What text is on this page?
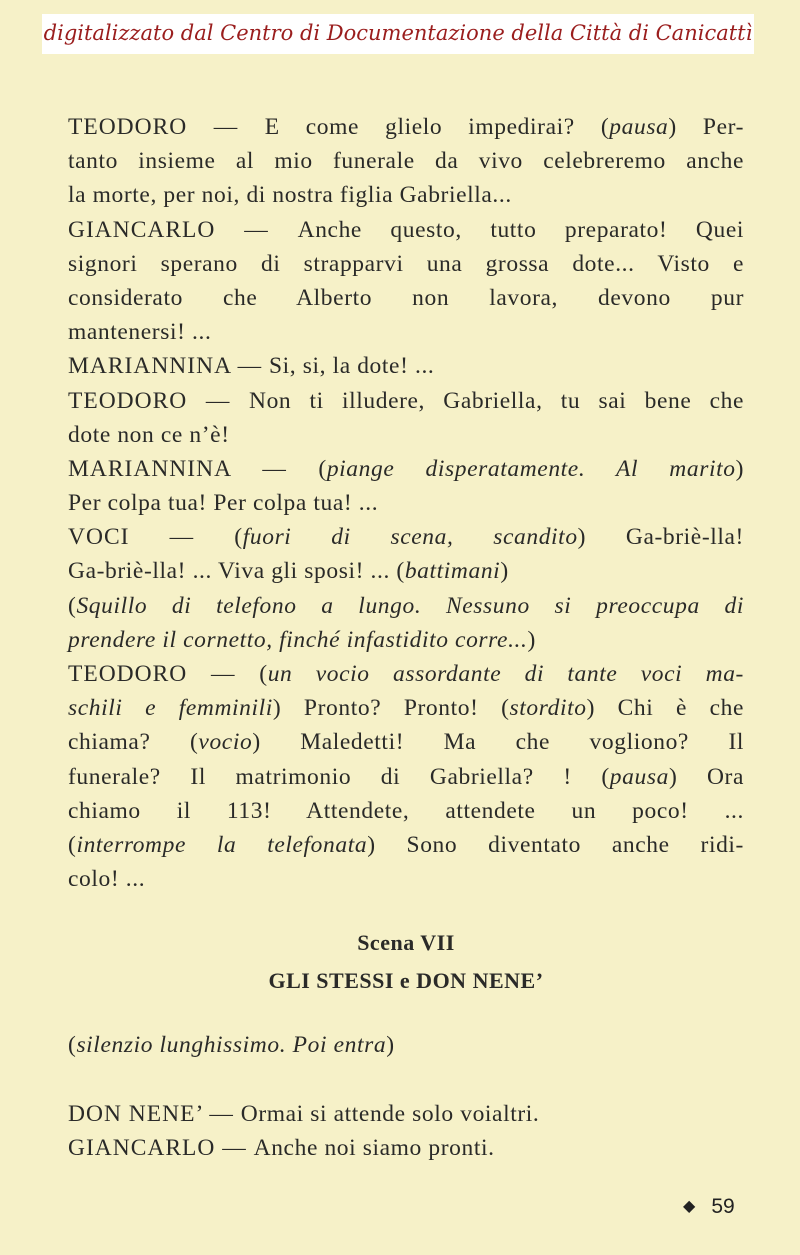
digitalizzato dal Centro di Documentazione della Città di Canicattì
TEODORO — E come glielo impedirai? (pausa) Per-
tanto insieme al mio funerale da vivo celebreremo anche
la morte, per noi, di nostra figlia Gabriella...
GIANCARLO — Anche questo, tutto preparato! Quei
signori sperano di strapparvi una grossa dote... Visto e
considerato che Alberto non lavora, devono pur
mantenersi! ...
MARIANNINA — Si, si, la dote! ...
TEODORO — Non ti illudere, Gabriella, tu sai bene che
dote non ce n’è!
MARIANNINA — (piange disperatamente. Al marito)
Per colpa tua! Per colpa tua! ...
VOCI — (fuori di scena, scandito) Ga-briè-lla!
Ga-briè-lla! ... Viva gli sposi! ... (battimani)
(Squillo di telefono a lungo. Nessuno si preoccupa di
prendere il cornetto, finché infastidito corre...)
TEODORO — (un vocio assordante di tante voci ma-
schili e femminili) Pronto? Pronto! (stordito) Chi è che
chiama? (vocio) Maledetti! Ma che vogliono? Il
funerale? Il matrimonio di Gabriella? ! (pausa) Ora
chiamo il 113! Attendete, attendete un poco! ...
(interrompe la telefonata) Sono diventato anche ridi-
colo! ...
Scena VII
GLI STESSI e DON NENE’
(silenzio lunghissimo. Poi entra)
DON NENE’ — Ormai si attende solo voialtri.
GIANCARLO — Anche noi siamo pronti.
◆ 59
